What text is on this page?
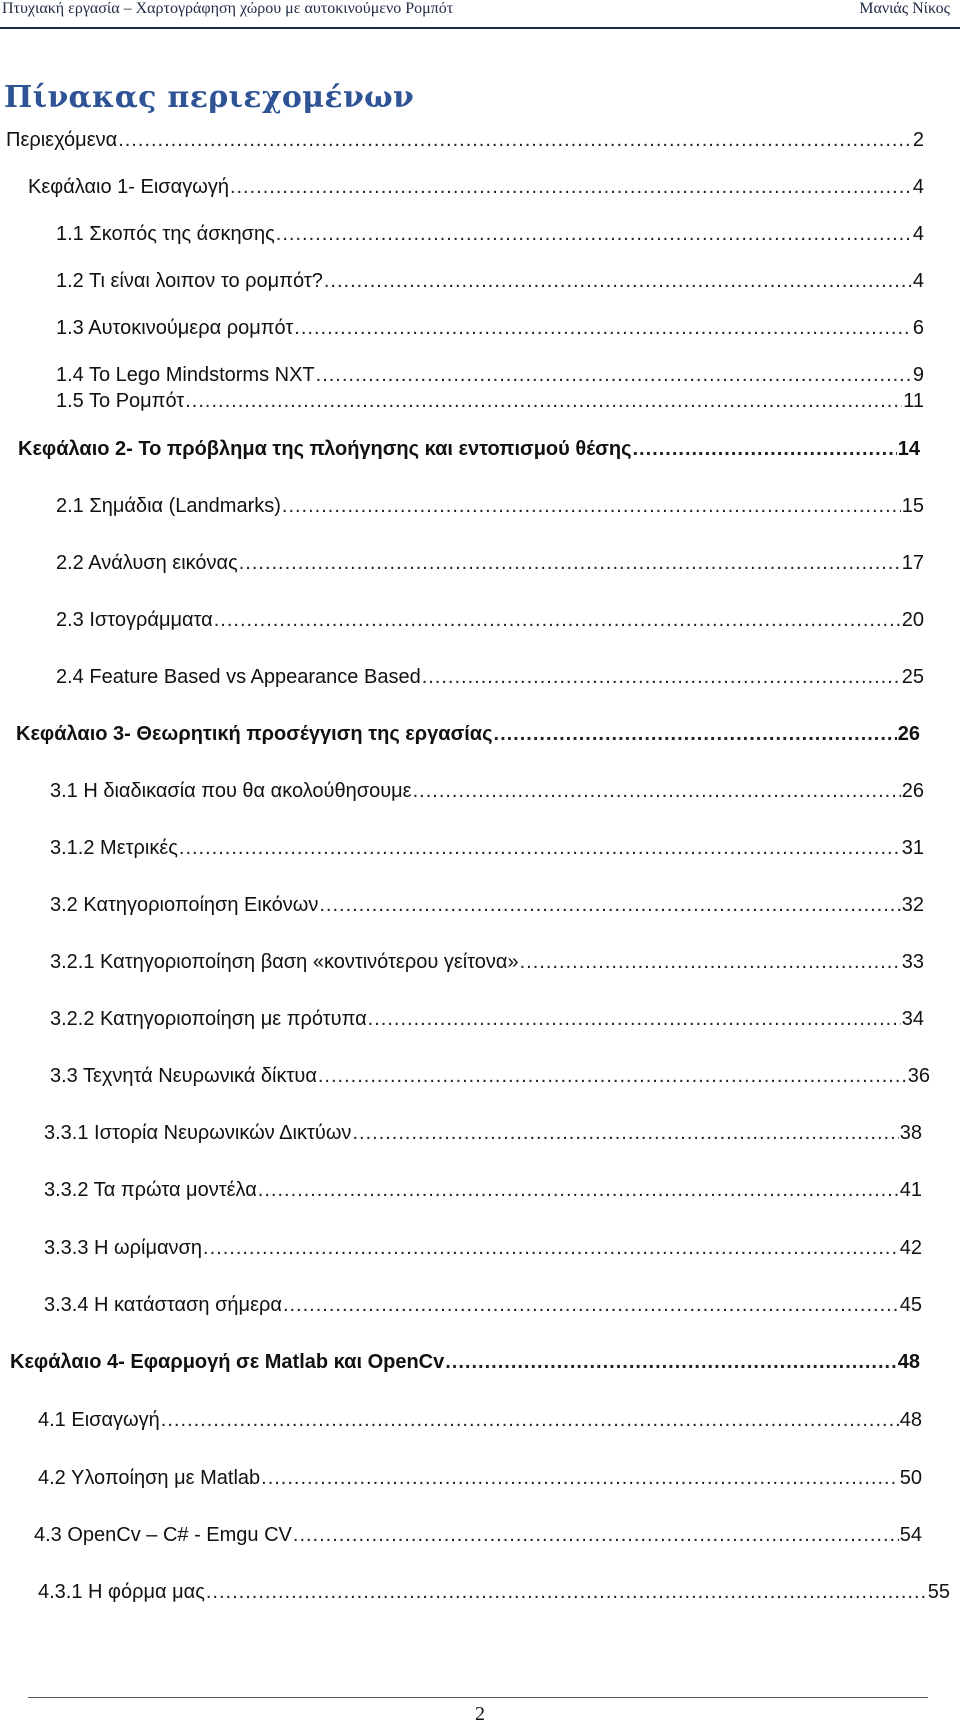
Πτυχιακή εργασία – Χαρτογράφηση χώρου με αυτοκινούμενο Ρομπότ	Μανιάς Νίκος
Πίνακας περιεχομένων
Περιεχόμενα .....	2
Κεφάλαιο 1- Εισαγωγή .....	4
1.1 Σκοπός της άσκησης .....	4
1.2 Τι είναι λοιπον το ρομπότ? .....	4
1.3 Αυτοκινούμερα ρομπότ .....	6
1.4 To Lego Mindstorms NXT .....	9
1.5 Το Ρομπότ .....	11
Κεφάλαιο 2- Το πρόβλημα της πλοήγησης και εντοπισμού θέσης .....	14
2.1 Σημάδια (Landmarks) .....	15
2.2 Ανάλυση εικόνας .....	17
2.3 Ιστογράμματα .....	20
2.4 Feature Based vs Appearance Based .....	25
Κεφάλαιο 3- Θεωρητική προσέγγιση της εργασίας .....	26
3.1 Η διαδικασία που θα ακολούθησουμε .....	26
3.1.2 Μετρικές .....	31
3.2 Κατηγοριοποίηση Εικόνων .....	32
3.2.1 Κατηγοριοποίηση βαση «κοντινότερου γείτονα» .....	33
3.2.2 Κατηγοριοποίηση με πρότυπα .....	34
3.3 Τεχνητά Νευρωνικά δίκτυα .....	36
3.3.1 Ιστορία Νευρωνικών Δικτύων .....	38
3.3.2 Τα πρώτα μοντέλα .....	41
3.3.3 Η ωρίμανση .....	42
3.3.4 Η κατάσταση σήμερα .....	45
Κεφάλαιο 4- Εφαρμογή σε Matlab και OpenCv .....	48
4.1 Εισαγωγή .....	48
4.2 Υλοποίηση με Matlab .....	50
4.3 OpenCv – C# - Emgu CV .....	54
4.3.1 Η φόρμα μας .....	55
2
